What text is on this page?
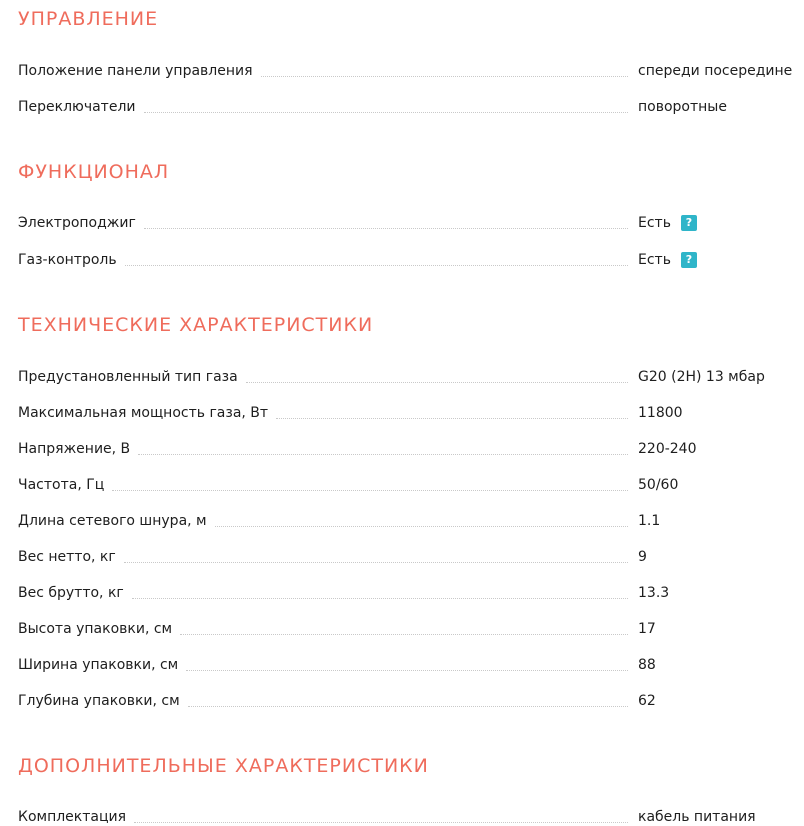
УПРАВЛЕНИЕ
Положение панели управления	спереди посередине
Переключатели	поворотные
ФУНКЦИОНАЛ
Электроподжиг	Есть	?
Газ-контроль	Есть	?
ТЕХНИЧЕСКИЕ ХАРАКТЕРИСТИКИ
Предустановленный тип газа	G20 (2H) 13 мбар
Максимальная мощность газа, Вт	11800
Напряжение, В	220-240
Частота, Гц	50/60
Длина сетевого шнура, м	1.1
Вес нетто, кг	9
Вес брутто, кг	13.3
Высота упаковки, см	17
Ширина упаковки, см	88
Глубина упаковки, см	62
ДОПОЛНИТЕЛЬНЫЕ ХАРАКТЕРИСТИКИ
Комплектация	кабель питания
